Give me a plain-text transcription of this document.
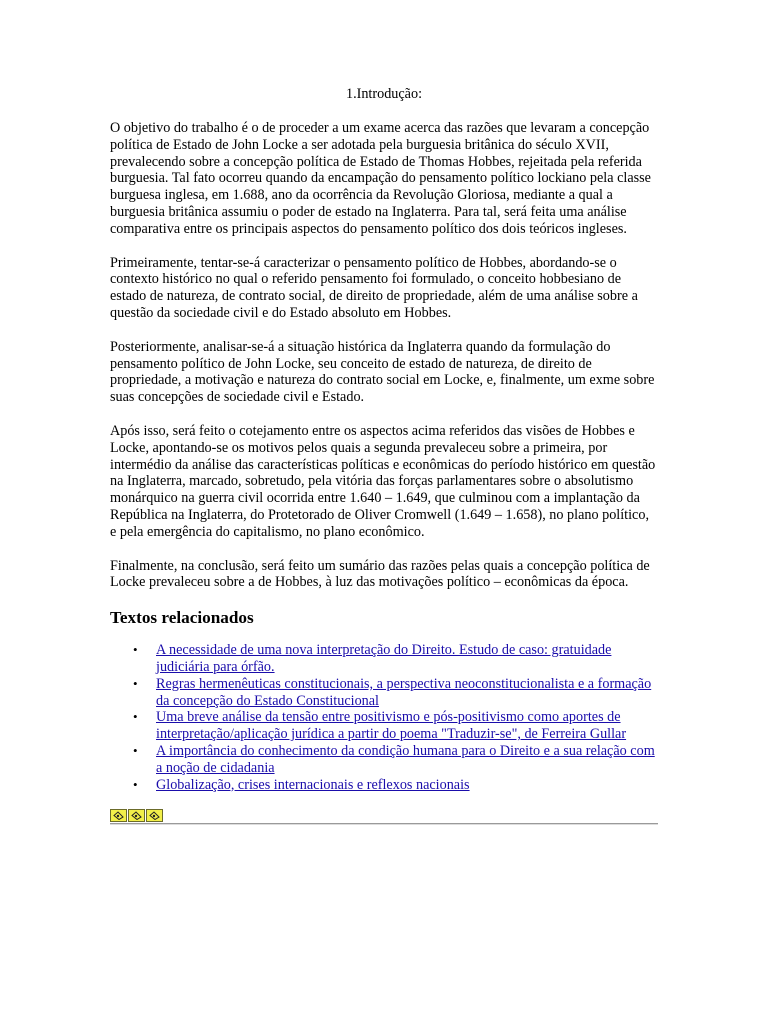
1.Introdução:

O objetivo do trabalho é o de proceder a um exame acerca das razões que levaram a concepção política de Estado de John Locke a ser adotada pela burguesia britânica do século XVII, prevalecendo sobre a concepção política de Estado de Thomas Hobbes, rejeitada pela referida burguesia. Tal fato ocorreu quando da encampação do pensamento político lockiano pela classe burguesa inglesa, em 1.688, ano da ocorrência da Revolução Gloriosa, mediante a qual a burguesia britânica assumiu o poder de estado na Inglaterra. Para tal, será feita uma análise comparativa entre os principais aspectos do pensamento político dos dois teóricos ingleses.

Primeiramente, tentar-se-á caracterizar o pensamento político de Hobbes, abordando-se o contexto histórico no qual o referido pensamento foi formulado, o conceito hobbesiano de estado de natureza, de contrato social, de direito de propriedade, além de uma análise sobre a questão da sociedade civil e do Estado absoluto em Hobbes.

Posteriormente, analisar-se-á a situação histórica da Inglaterra quando da formulação do pensamento político de John Locke, seu conceito de estado de natureza, de direito de propriedade, a motivação e natureza do contrato social em Locke, e, finalmente, um exme sobre suas concepções de sociedade civil e Estado.

Após isso, será feito o cotejamento entre os aspectos acima referidos das visões de Hobbes e Locke, apontando-se os motivos pelos quais a segunda prevaleceu sobre a primeira, por intermédio da análise das características políticas e econômicas do período histórico em questão na Inglaterra, marcado, sobretudo, pela vitória das forças parlamentares sobre o absolutismo monárquico na guerra civil ocorrida entre 1.640 – 1.649, que culminou com a implantação da República na Inglaterra, do Protetorado de Oliver Cromwell (1.649 – 1.658), no plano político, e pela emergência do capitalismo, no plano econômico.

Finalmente, na conclusão, será feito um sumário das razões pelas quais a concepção política de Locke prevaleceu sobre a de Hobbes, à luz das motivações político – econômicas da época.

Textos relacionados
• A necessidade de uma nova interpretação do Direito. Estudo de caso: gratuidade judiciária para órfão.
• Regras hermenêuticas constitucionais, a perspectiva neoconstitucionalista e a formação da concepção do Estado Constitucional
• Uma breve análise da tensão entre positivismo e pós-positivismo como aportes de interpretação/aplicação jurídica a partir do poema "Traduzir-se", de Ferreira Gullar
• A importância do conhecimento da condição humana para o Direito e a sua relação com a noção de cidadania
• Globalização, crises internacionais e reflexos nacionais
